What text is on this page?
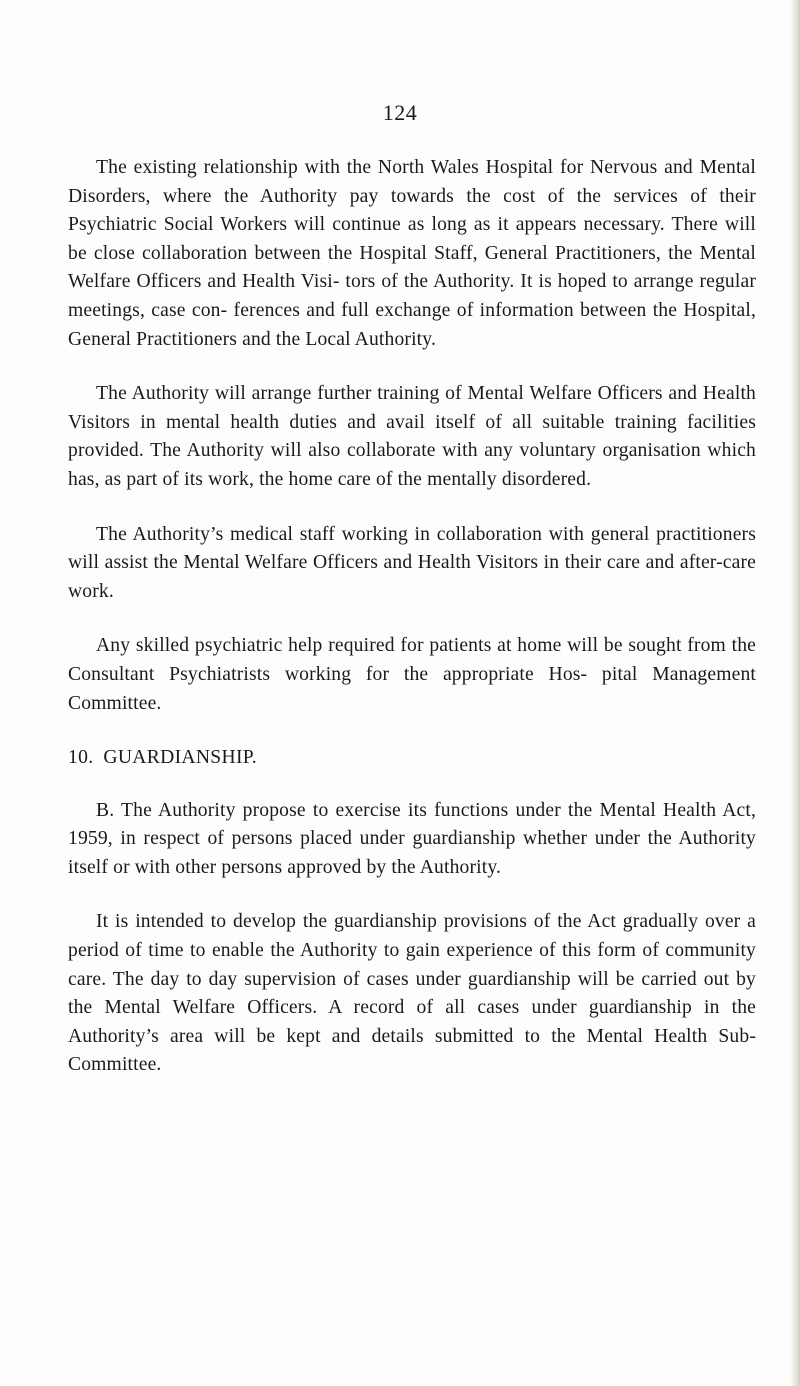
124

The existing relationship with the North Wales Hospital for Nervous and Mental Disorders, where the Authority pay towards the cost of the services of their Psychiatric Social Workers will continue as long as it appears necessary. There will be close collaboration between the Hospital Staff, General Practitioners, the Mental Welfare Officers and Health Visi- tors of the Authority. It is hoped to arrange regular meetings, case con- ferences and full exchange of information between the Hospital, General Practitioners and the Local Authority.

The Authority will arrange further training of Mental Welfare Officers and Health Visitors in mental health duties and avail itself of all suitable training facilities provided. The Authority will also collaborate with any voluntary organisation which has, as part of its work, the home care of the mentally disordered.

The Authority’s medical staff working in collaboration with general practitioners will assist the Mental Welfare Officers and Health Visitors in their care and after-care work.

Any skilled psychiatric help required for patients at home will be sought from the Consultant Psychiatrists working for the appropriate Hos- pital Management Committee.

10. GUARDIANSHIP.

B. The Authority propose to exercise its functions under the Mental Health Act, 1959, in respect of persons placed under guardianship whether under the Authority itself or with other persons approved by the Authority.

It is intended to develop the guardianship provisions of the Act gradually over a period of time to enable the Authority to gain experience of this form of community care. The day to day supervision of cases under guardianship will be carried out by the Mental Welfare Officers. A record of all cases under guardianship in the Authority’s area will be kept and details submitted to the Mental Health Sub-Committee.
